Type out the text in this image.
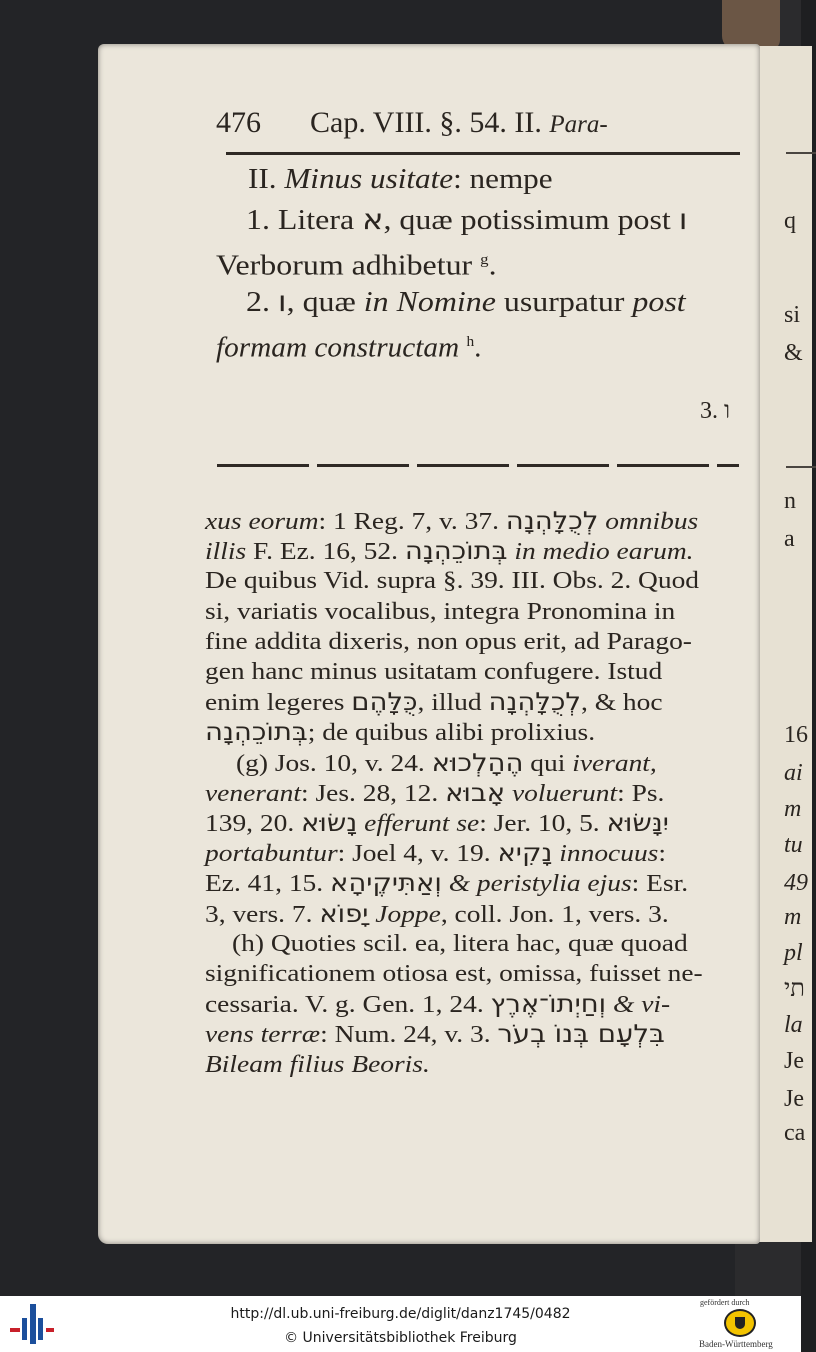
q
si
&
n
a
16
ai
m
tu
49
m
pl
תי
la
Je
Je
ca
476 Cap. VIII. §. 54. II. Para-
II. Minus usitate: nempe
1. Litera א, quæ potissimum post ו
Verborum adhibetur $^g$.
2. ו, quæ in Nomine usurpatur post
formam constructam $^h$.
3. ו
xus eorum: 1 Reg. 7, v. 37. לְכֻלָּהְנָה omnibus
illis F. Ez. 16, 52. בְּתוֹכֵהְנָה in medio earum.
De quibus Vid. supra §. 39. III. Obs. 2. Quod
si, variatis vocalibus, integra Pronomina in
fine addita dixeris, non opus erit, ad Parago-
gen hanc minus usitatam confugere. Istud
enim legeres כֻּלָּהֶם, illud לְכֻלָּהְנָה, & hoc
בְּתוֹכֵהְנָה; de quibus alibi prolixius.
(g) Jos. 10, v. 24. הֶהָלְכוּא qui iverant,
venerant: Jes. 28, 12. אָבוּא voluerunt: Ps.
139, 20. נָשׂוּא efferunt se: Jer. 10, 5. יִנָּשׂוּא
portabuntur: Joel 4, v. 19. נָקִיא innocuus:
Ez. 41, 15. וְאַתִּיקֶיהָא & peristylia ejus: Esr.
3, vers. 7. יָפוֹא Joppe, coll. Jon. 1, vers. 3.
(h) Quoties scil. ea, litera hac, quæ quoad
significationem otiosa est, omissa, fuisset ne-
cessaria. V. g. Gen. 1, 24. וְחַיְתוֹ־אֶרֶץ & vi-
vens terræ: Num. 24, v. 3. בִּלְעָם בְּנוֹ בְעֹר
Bileam filius Beoris.
http://dl.ub.uni-freiburg.de/diglit/danz1745/0482
© Universitätsbibliothek Freiburg
gefördert durch
Baden-Württemberg
